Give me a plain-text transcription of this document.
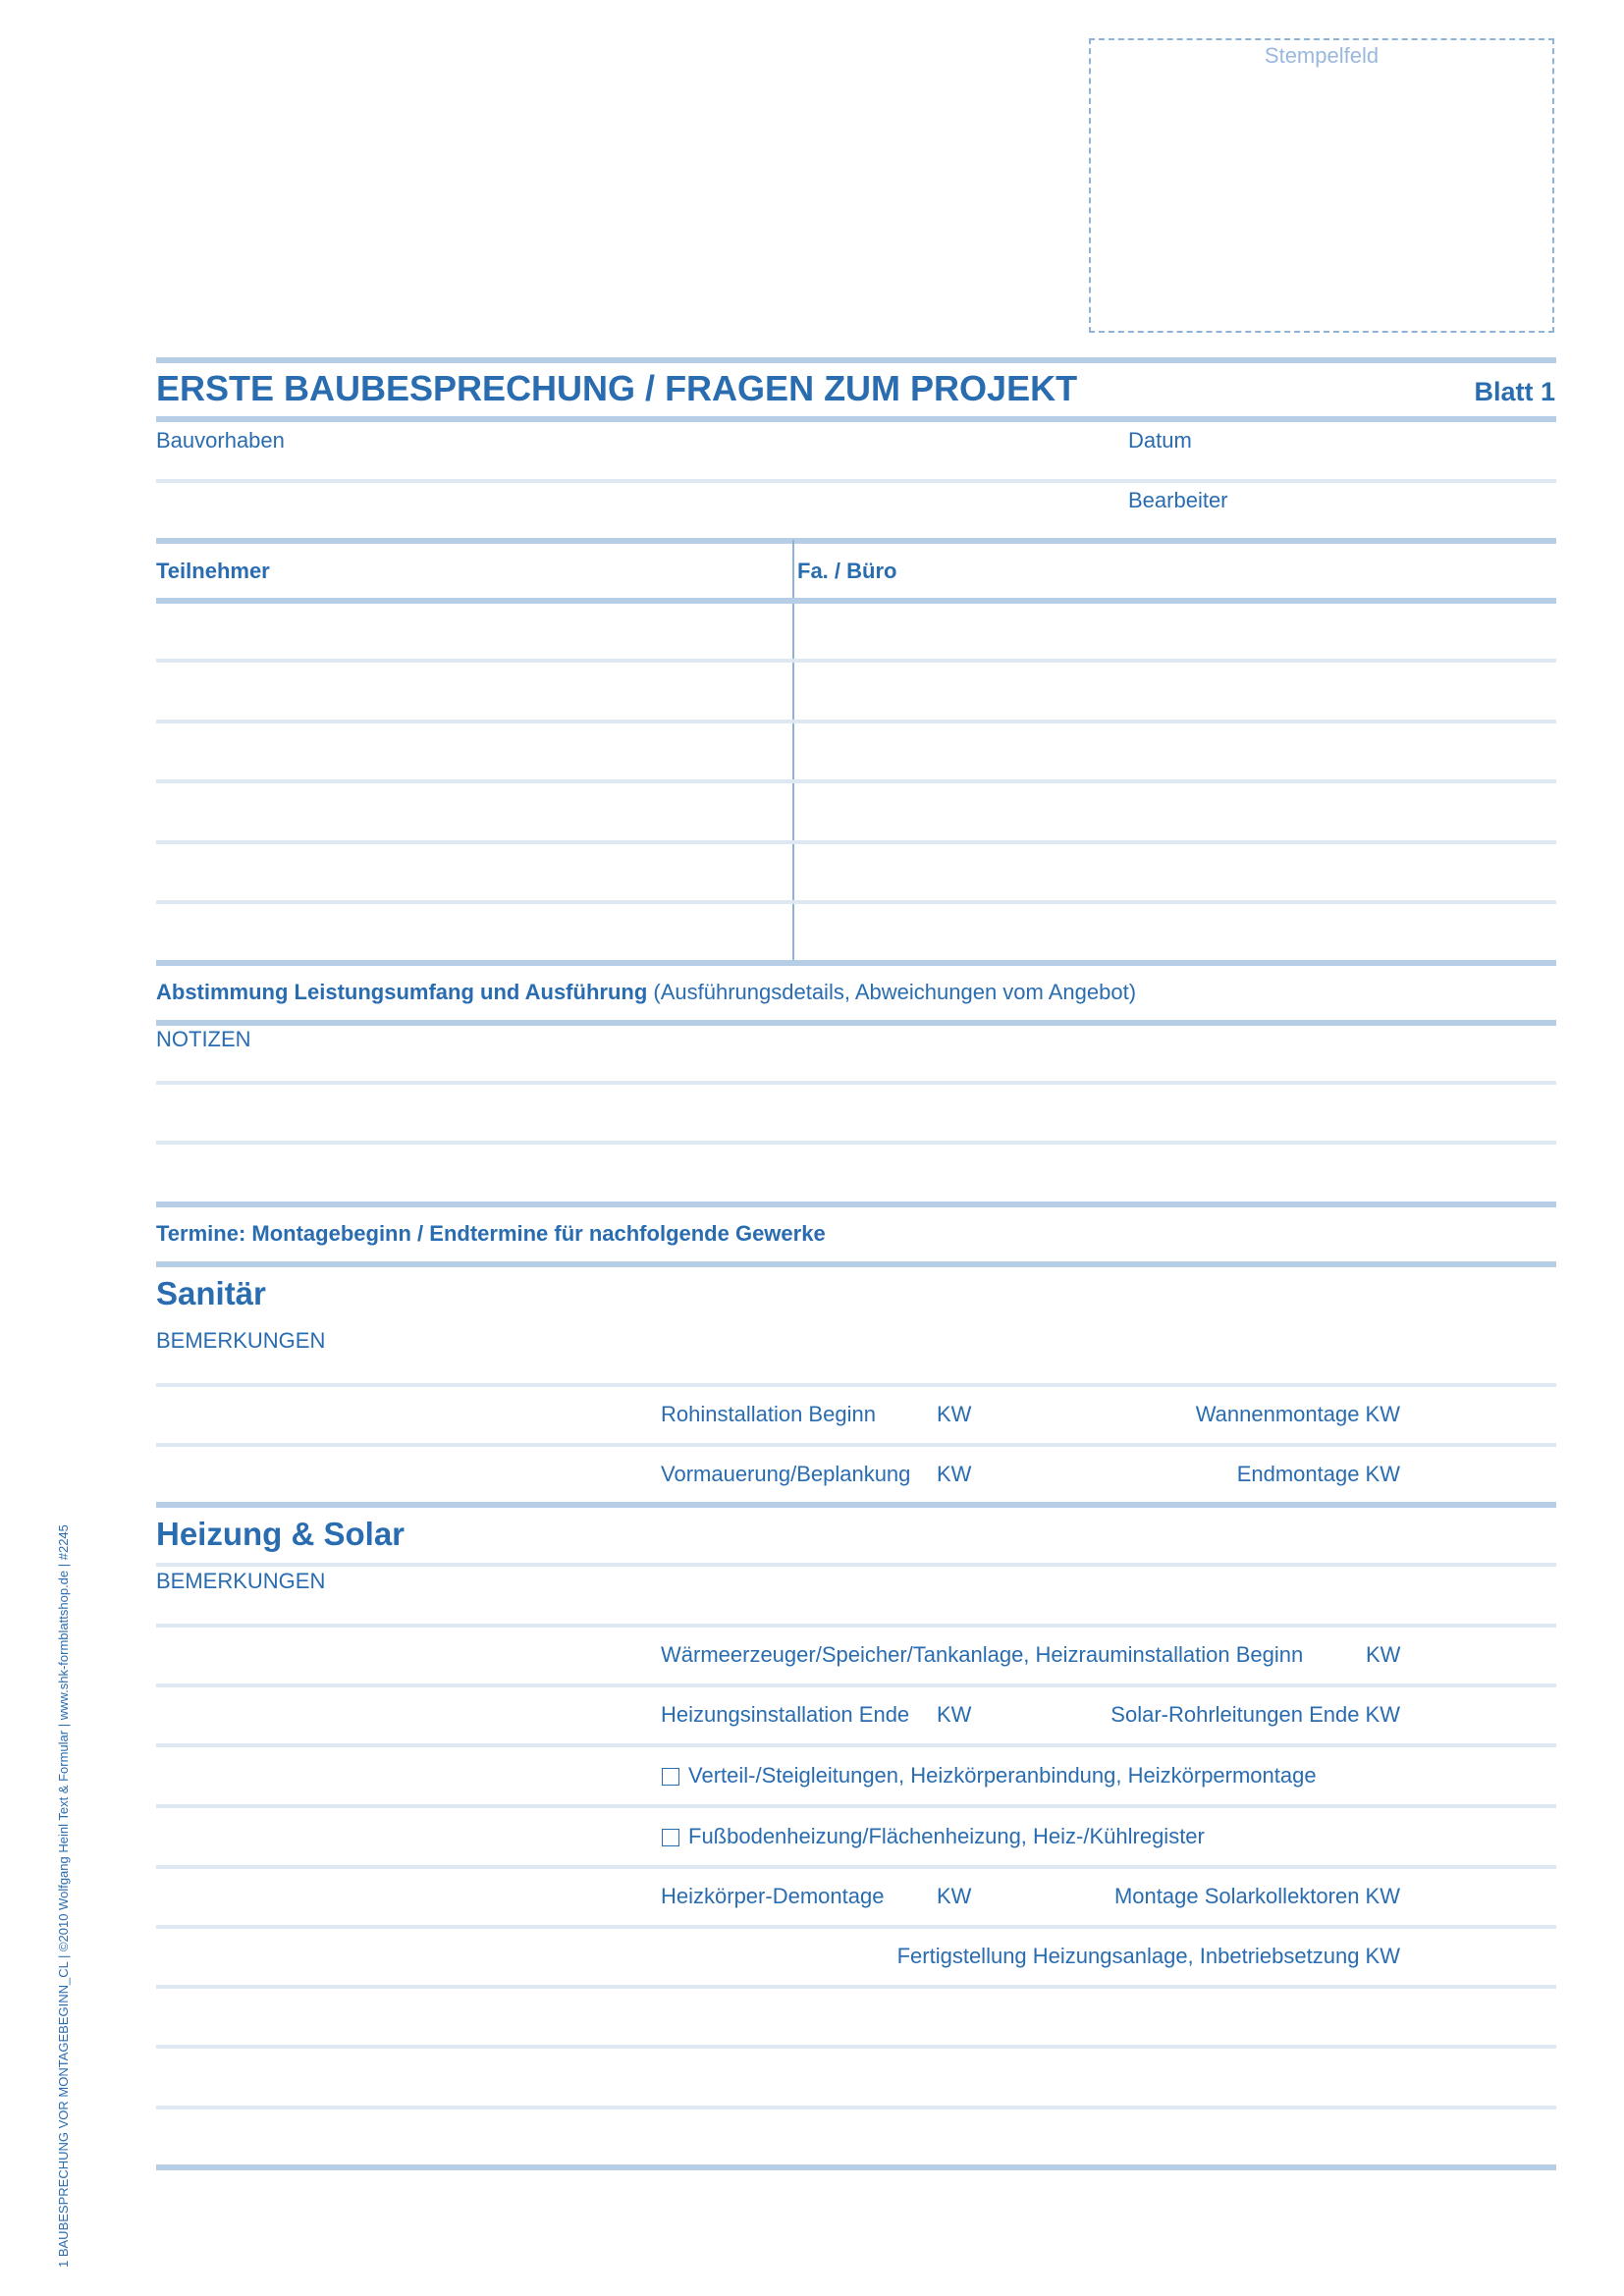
Stempelfeld
ERSTE BAUBESPRECHUNG / FRAGEN ZUM PROJEKT	Blatt 1
Bauvorhaben	Datum
Bearbeiter
Teilnehmer	Fa. / Büro
Abstimmung Leistungsumfang und Ausführung (Ausführungsdetails, Abweichungen vom Angebot)
NOTIZEN
Termine: Montagebeginn / Endtermine für nachfolgende Gewerke
Sanitär
BEMERKUNGEN
Rohinstallation Beginn	KW	Wannenmontage KW
Vormauerung/Beplankung KW	Endmontage KW
Heizung & Solar
BEMERKUNGEN
Wärmeerzeuger/Speicher/Tankanlage, Heizrauminstallation Beginn	KW
Heizungsinstallation Ende KW	Solar-Rohrleitungen Ende KW
Verteil-/Steigleitungen, Heizkörperanbindung, Heizkörpermontage
Fußbodenheizung/Flächenheizung, Heiz-/Kühlregister
Heizkörper-Demontage KW	Montage Solarkollektoren KW
Fertigstellung Heizungsanlage, Inbetriebsetzung KW
1 BAUBESPRECHUNG VOR MONTAGEBEGINN_CL | ©2010 Wolfgang Heinl Text & Formular | www.shk-formblattshop.de | #2245
